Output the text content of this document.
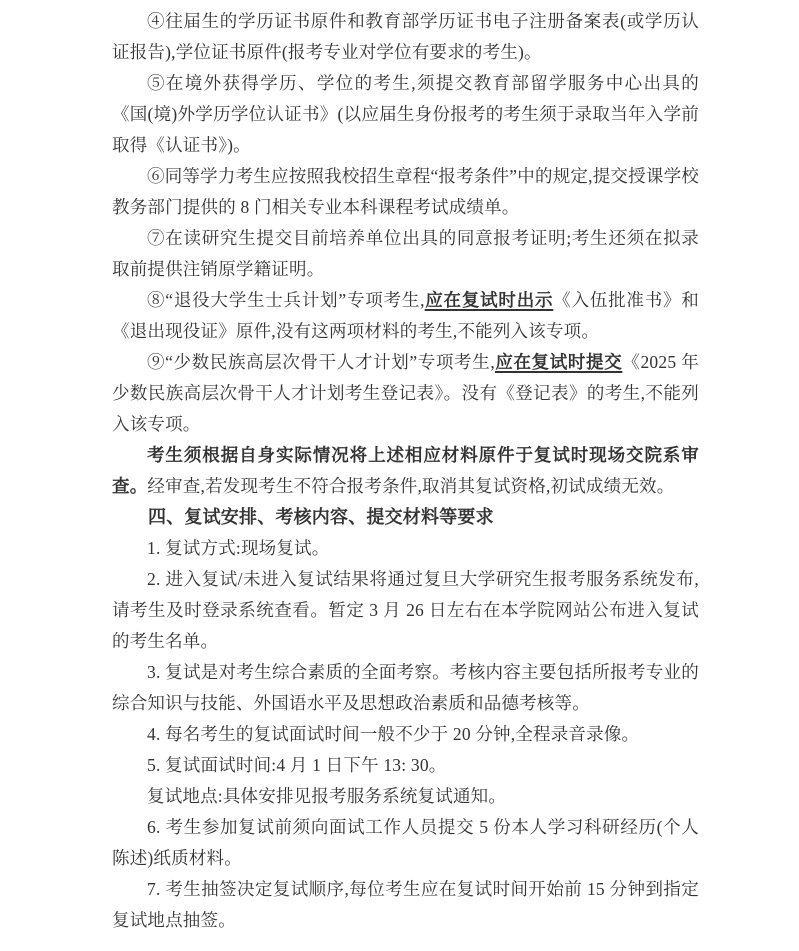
④往届生的学历证书原件和教育部学历证书电子注册备案表(或学历认证报告),学位证书原件(报考专业对学位有要求的考生)。

⑤在境外获得学历、学位的考生,须提交教育部留学服务中心出具的《国(境)外学历学位认证书》(以应届生身份报考的考生须于录取当年入学前取得《认证书》)。

⑥同等学力考生应按照我校招生章程“报考条件”中的规定,提交授课学校教务部门提供的 8 门相关专业本科课程考试成绩单。

⑦在读研究生提交目前培养单位出具的同意报考证明;考生还须在拟录取前提供注销原学籍证明。

⑧“退役大学生士兵计划”专项考生,应在复试时出示《入伍批准书》和《退出现役证》原件,没有这两项材料的考生,不能列入该专项。

⑨“少数民族高层次骨干人才计划”专项考生,应在复试时提交《2025 年少数民族高层次骨干人才计划考生登记表》。没有《登记表》的考生,不能列入该专项。

考生须根据自身实际情况将上述相应材料原件于复试时现场交院系审查。经审查,若发现考生不符合报考条件,取消其复试资格,初试成绩无效。

四、复试安排、考核内容、提交材料等要求

1. 复试方式:现场复试。

2. 进入复试/未进入复试结果将通过复旦大学研究生报考服务系统发布,请考生及时登录系统查看。暂定 3 月 26 日左右在本学院网站公布进入复试的考生名单。

3. 复试是对考生综合素质的全面考察。考核内容主要包括所报考专业的综合知识与技能、外国语水平及思想政治素质和品德考核等。

4. 每名考生的复试面试时间一般不少于 20 分钟,全程录音录像。

5. 复试面试时间:4 月 1 日下午 13: 30。

复试地点:具体安排见报考服务系统复试通知。

6. 考生参加复试前须向面试工作人员提交 5 份本人学习科研经历(个人陈述)纸质材料。

7. 考生抽签决定复试顺序,每位考生应在复试时间开始前 15 分钟到指定复试地点抽签。
